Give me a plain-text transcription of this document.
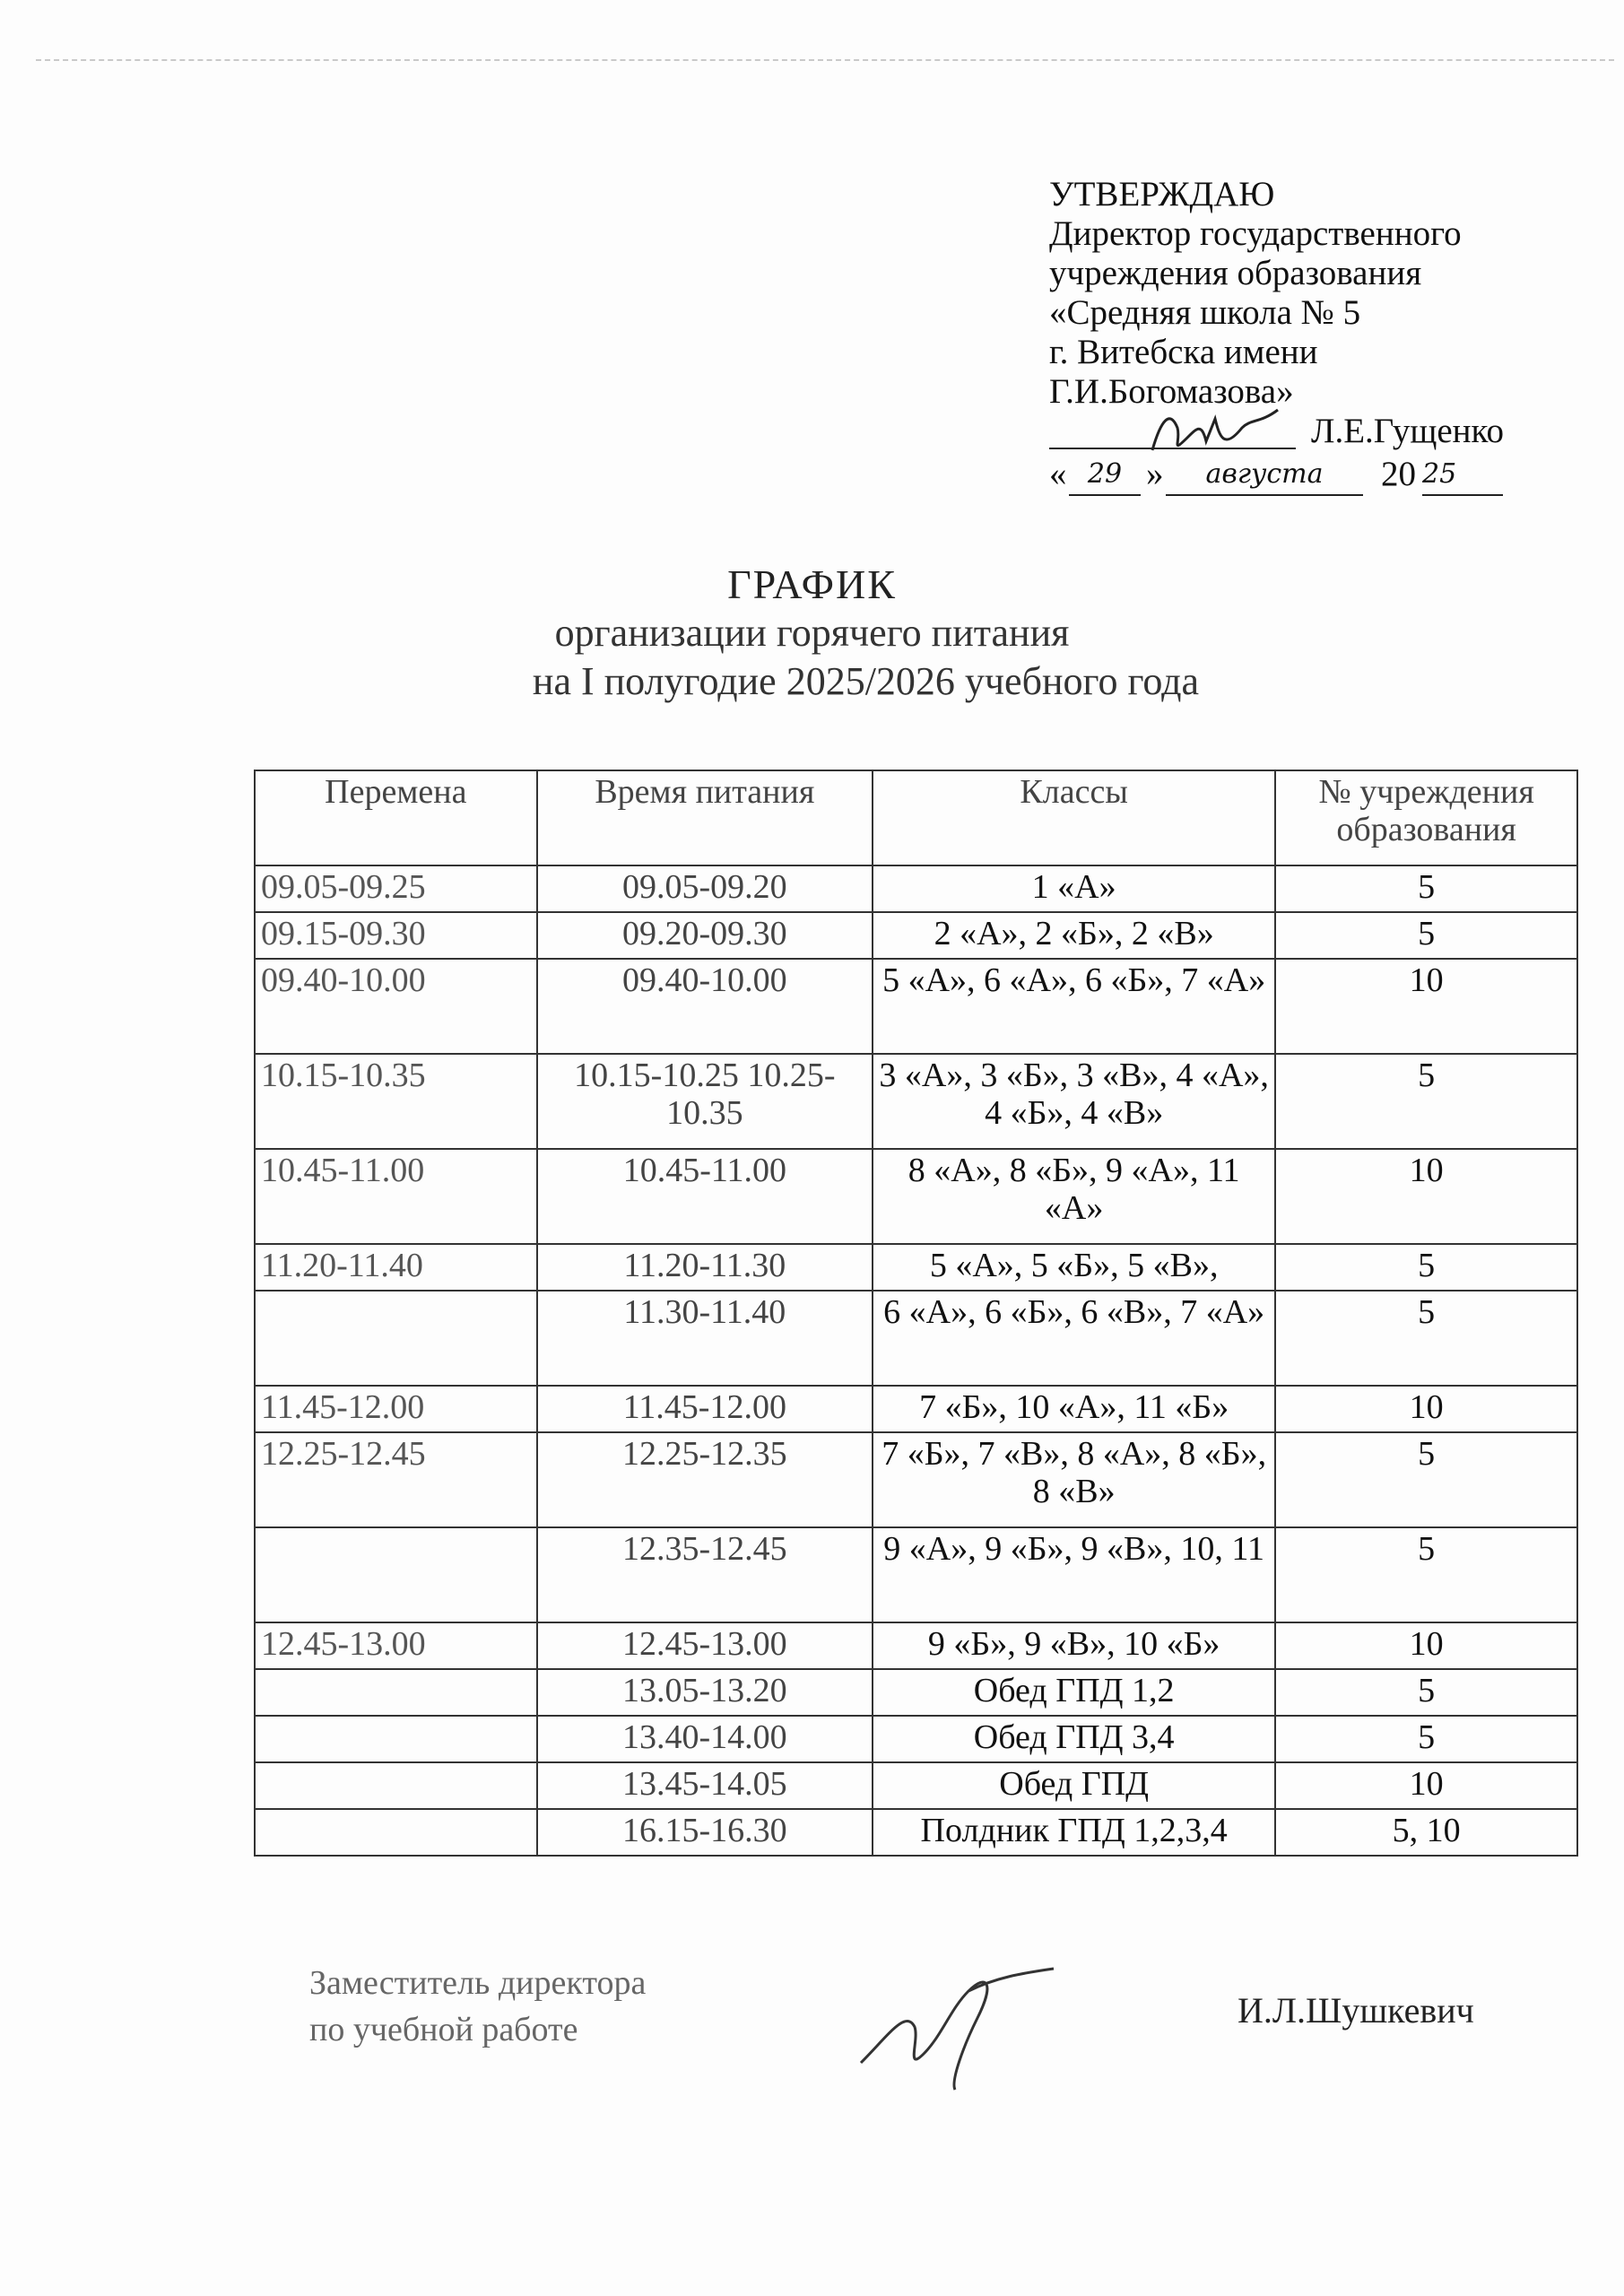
УТВЕРЖДАЮ
Директор государственного
учреждения образования
«Средняя школа № 5
г. Витебска имени
Г.И.Богомазова»
Л.Е.Гущенко
« 29 »	августа	20 25
ГРАФИК
организации горячего питания
на I полугодие 2025/2026 учебного года
Перемена	Время питания	Классы	№ учреждения образования
09.05-09.25	09.05-09.20	1 «А»	5
09.15-09.30	09.20-09.30	2 «А», 2 «Б», 2 «В»	5
09.40-10.00	09.40-10.00	5 «А», 6 «А», 6 «Б», 7 «А»	10
10.15-10.35	10.15-10.25 10.25-10.35	3 «А», 3 «Б», 3 «В», 4 «А», 4 «Б», 4 «В»	5
10.45-11.00	10.45-11.00	8 «А», 8 «Б», 9 «А», 11 «А»	10
11.20-11.40	11.20-11.30	5 «А», 5 «Б», 5 «В»,	5
	11.30-11.40	6 «А», 6 «Б», 6 «В», 7 «А»	5
11.45-12.00	11.45-12.00	7 «Б», 10 «А», 11 «Б»	10
12.25-12.45	12.25-12.35	7 «Б», 7 «В», 8 «А», 8 «Б», 8 «В»	5
	12.35-12.45	9 «А», 9 «Б», 9 «В», 10, 11	5
12.45-13.00	12.45-13.00	9 «Б», 9 «В», 10 «Б»	10
	13.05-13.20	Обед ГПД 1,2	5
	13.40-14.00	Обед ГПД 3,4	5
	13.45-14.05	Обед ГПД	10
	16.15-16.30	Полдник ГПД 1,2,3,4	5, 10
Заместитель директора
по учебной работе	И.Л.Шушкевич
